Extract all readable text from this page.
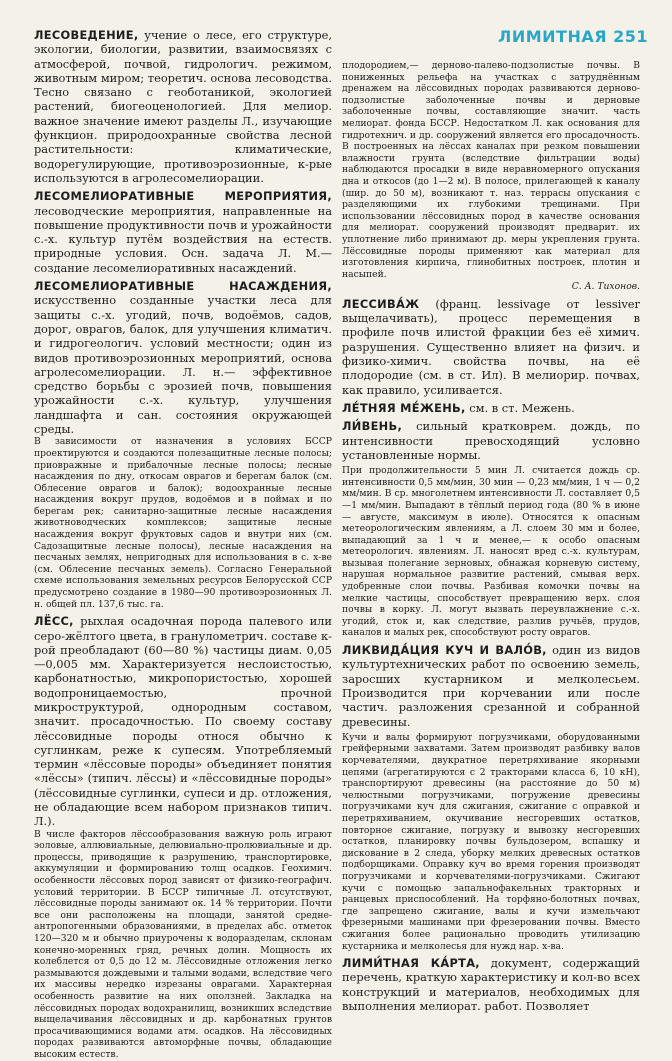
ЛИМИТНАЯ 251

ЛЕСОВЕДЕНИЕ, учение о лесе, его структуре, экологии, биологии, развитии, взаимосвязях с атмосферой, почвой, гидрологич. режимом, животным миром; теоретич. основа лесоводства. Тесно связано с геоботаникой, экологией растений, биогеоценологией. Для мелиор. важное значение имеют разделы Л., изучающие функцион. природоохранные свойства лесной растительности: климатические, водорегулирующие, противоэрозионные, к-рые используются в агролесомелиорации.

ЛЕСОМЕЛИОРАТИВНЫЕ МЕРОПРИЯТИЯ, лесоводческие мероприятия, направленные на повышение продуктивности почв и урожайности с.-х. культур путём воздействия на естеств. природные условия. Осн. задача Л. М.— создание лесомелиоративных насаждений.

ЛЕСОМЕЛИОРАТИВНЫЕ НАСАЖДЕНИЯ, искусственно созданные участки леса для защиты с.-х. угодий, почв, водоёмов, садов, дорог, оврагов, балок, для улучшения климатич. и гидрогеологич. условий местности; один из видов противоэрозионных мероприятий, основа агролесомелиорации. Л. н.— эффективное средство борьбы с эрозией почв, повышения урожайности с.-х. культур, улучшения ландшафта и сан. состояния окружающей среды.

В зависимости от назначения в условиях БССР проектируются и создаются полезащитные лесные полосы; приовражные и прибалочные лесные полосы; лесные насаждения по дну, откосам оврагов и берегам балок (см. Облесение оврагов и балок); водоохранные лесные насаждения вокруг прудов, водоёмов и в поймах и по берегам рек; санитарно-защитные лесные насаждения животноводческих комплексов; защитные лесные насаждения вокруг фруктовых садов и внутри них (см. Садозащитные лесные полосы), лесные насаждения на песчаных землях, непригодных для использования в с. х-ве (см. Облесение песчаных земель). Согласно Генеральной схеме использования земельных ресурсов Белорусской ССР предусмотрено создание в 1980—90 противоэрозионных Л. н. общей пл. 137,6 тыс. га.

ЛЁСС, рыхлая осадочная порода палевого или серо-жёлтого цвета, в гранулометрич. составе к-рой преобладают (60—80 %) частицы диам. 0,05—0,005 мм. Характеризуется неслоистостью, карбонатностью, микропористостью, хорошей водопроницаемостью, прочной микроструктурой, однородным составом, значит. просадочностью. По своему составу лёссовидные породы относя обычно к суглинкам, реже к супесям. Употребляемый термин «лёссовые породы» объединяет понятия «лёссы» (типич. лёссы) и «лёссовидные породы» (лёссовидные суглинки, супеси и др. отложения, не обладающие всем набором признаков типич. Л.).

В числе факторов лёссообразования важную роль играют эоловые, аллювиальные, делювиально-пролювиальные и др. процессы, приводящие к разрушению, транспортировке, аккумуляции и формированию толщ осадков. Геохимич. особенности лёссовых пород зависят от физико-географич. условий территории. В БССР типичные Л. отсутствуют, лёссовидные породы занимают ок. 14 % территории. Почти все они расположены на площади, занятой средне-антропогенными образованиями, в пределах абс. отметок 120—320 м и обычно приурочены к водоразделам, склонам конечно-моренных гряд, речных долин. Мощность их колеблется от 0,5 до 12 м. Лёссовидные отложения легко размываются дождевыми и талыми водами, вследствие чего их массивы нередко изрезаны оврагами. Характерная особенность развитие на них оползней. Закладка на лёссовидных породах водохранилищ, возникших вследствие выщелачивания лёссовидных и др. карбонатных грунтов просачивающимися водами атм. осадков. На лёссовидных породах развиваются автоморфные почвы, обладающие высоким естеств.

плодородием,— дерново-палево-подзолистые почвы. В пониженных рельефа на участках с затруднённым дренажем на лёссовидных породах развиваются дерново-подзолистые заболоченные почвы и дерновые заболоченные почвы, составляющие значит. часть мелиорат. фонда БССР. Недостатком Л. как основания для гидротехнич. и др. сооружений является его просадочность. В построенных на лёссах каналах при резком повышении влажности грунта (вследствие фильтрации воды) наблюдаются просадки в виде неравномерного опускания дна и откосов (до 1—2 м). В полосе, прилегающей к каналу (шир. до 50 м), возникают т. наз. террасы опускания с разделяющими их глубокими трещинами. При использовании лёссовидных пород в качестве основания для мелиорат. сооружений производят предварит. их уплотнение либо принимают др. меры укрепления грунта. Лёссовидные породы применяют как материал для изготовления кирпича, глинобитных построек, плотин и насыпей.

С. А. Тихонов.

ЛЕССИВА́Ж (франц. lessivage от lessiver выщелачивать), процесс перемещения в профиле почв илистой фракции без её химич. разрушения. Существенно влияет на физич. и физико-химич. свойства почвы, на её плодородие (см. в ст. Ил). В мелиорир. почвах, как правило, усиливается.

ЛЕ́ТНЯЯ МЕ́ЖЕНЬ, см. в ст. Межень.

ЛИ́ВЕНЬ, сильный кратковрем. дождь, по интенсивности превосходящий условно установленные нормы.

При продолжительности 5 мин Л. считается дождь ср. интенсивности 0,5 мм/мин, 30 мин — 0,23 мм/мин, 1 ч — 0,2 мм/мин. В ср. многолетнем интенсивности Л. составляет 0,5—1 мм/мин. Выпадают в тёплый период года (80 % в июне — августе, максимум в июле). Относятся к опасным метеорологическим явлениям, а Л. слоем 30 мм и более, выпадающий за 1 ч и менее,— к особо опасным метеорологич. явлениям. Л. наносят вред с.-х. культурам, вызывая полегание зерновых, обнажая корневую систему, нарушая нормальное развитие растений, смывая верх. удобренные слои почвы. Разбивая комочки почвы на мелкие частицы, способствует превращению верх. слоя почвы в корку. Л. могут вызвать переувлажнение с.-х. угодий, сток и, как следствие, разлив ручьёв, прудов, каналов и малых рек, способствуют росту оврагов.

ЛИКВИДА́ЦИЯ КУЧ И ВАЛО́В, один из видов культуртехнических работ по освоению земель, заросших кустарником и мелколесьем. Производится при корчевании или после частич. разложения срезанной и собранной древесины.

Кучи и валы формируют погрузчиками, оборудованными грейферными захватами. Затем производят разбивку валов корчевателями, двукратное перетряхивание якорными цепями (агрегатируются с 2 тракторами класса 6, 10 кН), транспортируют древесины (на расстояние до 50 м) челюстными погрузчиками, погружение древесины погрузчиками куч для сжигания, сжигание с оправкой и перетряхиванием, окучивание несгоревших остатков, повторное сжигание, погрузку и вывозку несгоревших остатков, планировку почвы бульдозером, вспашку и дискование в 2 следа, уборку мелких древесных остатков подборщиками. Оправку куч во время горения производят погрузчиками и корчевателями-погрузчиками. Сжигают кучи с помощью запальнофакельных тракторных и ранцевых приспособлений. На торфяно-болотных почвах, где запрещено сжигание, валы и кучи измельчают фрезерными машинами при фрезеровании почвы. Вместо сжигания более рационально проводить утилизацию кустарника и мелколесья для нужд нар. х-ва.

ЛИМИ́ТНАЯ КА́РТА, документ, содержащий перечень, краткую характеристику и кол-во всех конструкций и материалов, необходимых для выполнения мелиорат. работ. Позволяет
